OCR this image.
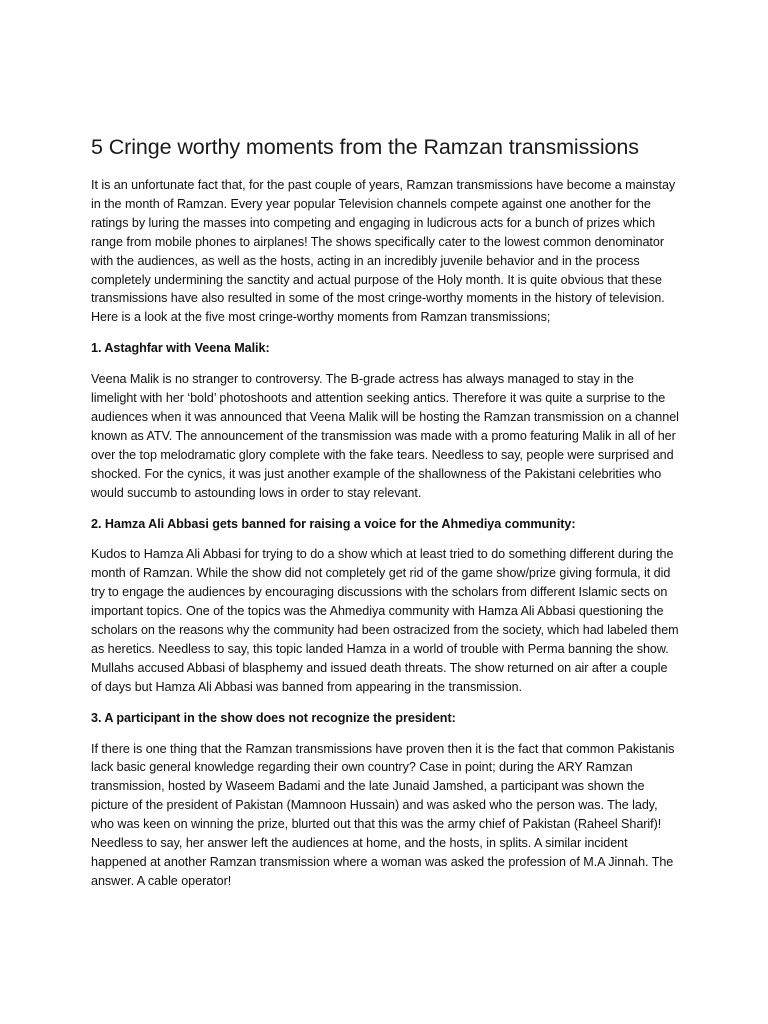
5 Cringe worthy moments from the Ramzan transmissions

It is an unfortunate fact that, for the past couple of years, Ramzan transmissions have become a mainstay in the month of Ramzan. Every year popular Television channels compete against one another for the ratings by luring the masses into competing and engaging in ludicrous acts for a bunch of prizes which range from mobile phones to airplanes! The shows specifically cater to the lowest common denominator with the audiences, as well as the hosts, acting in an incredibly juvenile behavior and in the process completely undermining the sanctity and actual purpose of the Holy month. It is quite obvious that these transmissions have also resulted in some of the most cringe-worthy moments in the history of television. Here is a look at the five most cringe-worthy moments from Ramzan transmissions;

1. Astaghfar with Veena Malik:

Veena Malik is no stranger to controversy. The B-grade actress has always managed to stay in the limelight with her ‘bold’ photoshoots and attention seeking antics. Therefore it was quite a surprise to the audiences when it was announced that Veena Malik will be hosting the Ramzan transmission on a channel known as ATV. The announcement of the transmission was made with a promo featuring Malik in all of her over the top melodramatic glory complete with the fake tears. Needless to say, people were surprised and shocked. For the cynics, it was just another example of the shallowness of the Pakistani celebrities who would succumb to astounding lows in order to stay relevant.

2. Hamza Ali Abbasi gets banned for raising a voice for the Ahmediya community:

Kudos to Hamza Ali Abbasi for trying to do a show which at least tried to do something different during the month of Ramzan. While the show did not completely get rid of the game show/prize giving formula, it did try to engage the audiences by encouraging discussions with the scholars from different Islamic sects on important topics. One of the topics was the Ahmediya community with Hamza Ali Abbasi questioning the scholars on the reasons why the community had been ostracized from the society, which had labeled them as heretics. Needless to say, this topic landed Hamza in a world of trouble with Perma banning the show. Mullahs accused Abbasi of blasphemy and issued death threats. The show returned on air after a couple of days but Hamza Ali Abbasi was banned from appearing in the transmission.

3. A participant in the show does not recognize the president:

If there is one thing that the Ramzan transmissions have proven then it is the fact that common Pakistanis lack basic general knowledge regarding their own country? Case in point; during the ARY Ramzan transmission, hosted by Waseem Badami and the late Junaid Jamshed, a participant was shown the picture of the president of Pakistan (Mamnoon Hussain) and was asked who the person was. The lady, who was keen on winning the prize, blurted out that this was the army chief of Pakistan (Raheel Sharif)! Needless to say, her answer left the audiences at home, and the hosts, in splits. A similar incident happened at another Ramzan transmission where a woman was asked the profession of M.A Jinnah. The answer. A cable operator!
